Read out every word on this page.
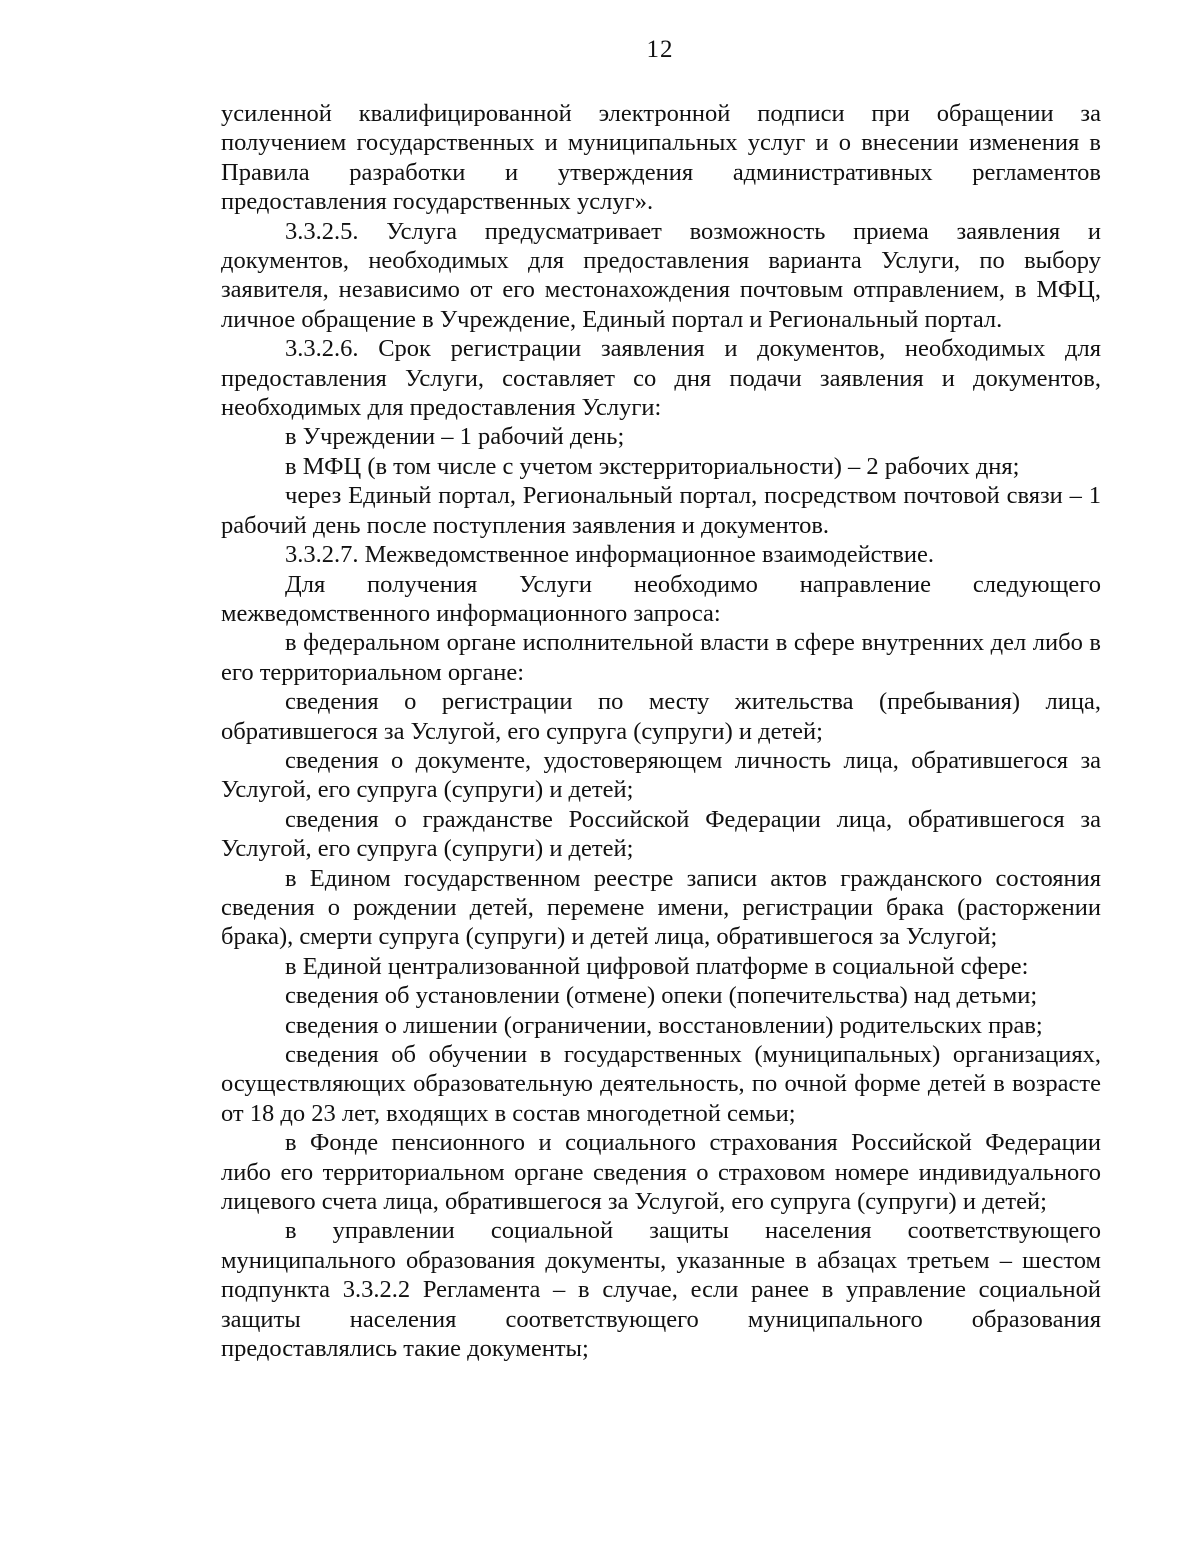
12

усиленной квалифицированной электронной подписи при обращении за получением государственных и муниципальных услуг и о внесении изменения в Правила разработки и утверждения административных регламентов предоставления государственных услуг».

3.3.2.5. Услуга предусматривает возможность приема заявления и документов, необходимых для предоставления варианта Услуги, по выбору заявителя, независимо от его местонахождения почтовым отправлением, в МФЦ, личное обращение в Учреждение, Единый портал и Региональный портал.

3.3.2.6. Срок регистрации заявления и документов, необходимых для предоставления Услуги, составляет со дня подачи заявления и документов, необходимых для предоставления Услуги:

в Учреждении – 1 рабочий день;

в МФЦ (в том числе с учетом экстерриториальности) – 2 рабочих дня;

через Единый портал, Региональный портал, посредством почтовой связи – 1 рабочий день после поступления заявления и документов.

3.3.2.7. Межведомственное информационное взаимодействие.

Для получения Услуги необходимо направление следующего межведомственного информационного запроса:

в федеральном органе исполнительной власти в сфере внутренних дел либо в его территориальном органе:

сведения о регистрации по месту жительства (пребывания) лица, обратившегося за Услугой, его супруга (супруги) и детей;

сведения о документе, удостоверяющем личность лица, обратившегося за Услугой, его супруга (супруги) и детей;

сведения о гражданстве Российской Федерации лица, обратившегося за Услугой, его супруга (супруги) и детей;

в Едином государственном реестре записи актов гражданского состояния сведения о рождении детей, перемене имени, регистрации брака (расторжении брака), смерти супруга (супруги) и детей лица, обратившегося за Услугой;

в Единой централизованной цифровой платформе в социальной сфере:

сведения об установлении (отмене) опеки (попечительства) над детьми;

сведения о лишении (ограничении, восстановлении) родительских прав;

сведения об обучении в государственных (муниципальных) организациях, осуществляющих образовательную деятельность, по очной форме детей в возрасте от 18 до 23 лет, входящих в состав многодетной семьи;

в Фонде пенсионного и социального страхования Российской Федерации либо его территориальном органе сведения о страховом номере индивидуального лицевого счета лица, обратившегося за Услугой, его супруга (супруги) и детей;

в управлении социальной защиты населения соответствующего муниципального образования документы, указанные в абзацах третьем – шестом подпункта 3.3.2.2 Регламента – в случае, если ранее в управление социальной защиты населения соответствующего муниципального образования предоставлялись такие документы;
